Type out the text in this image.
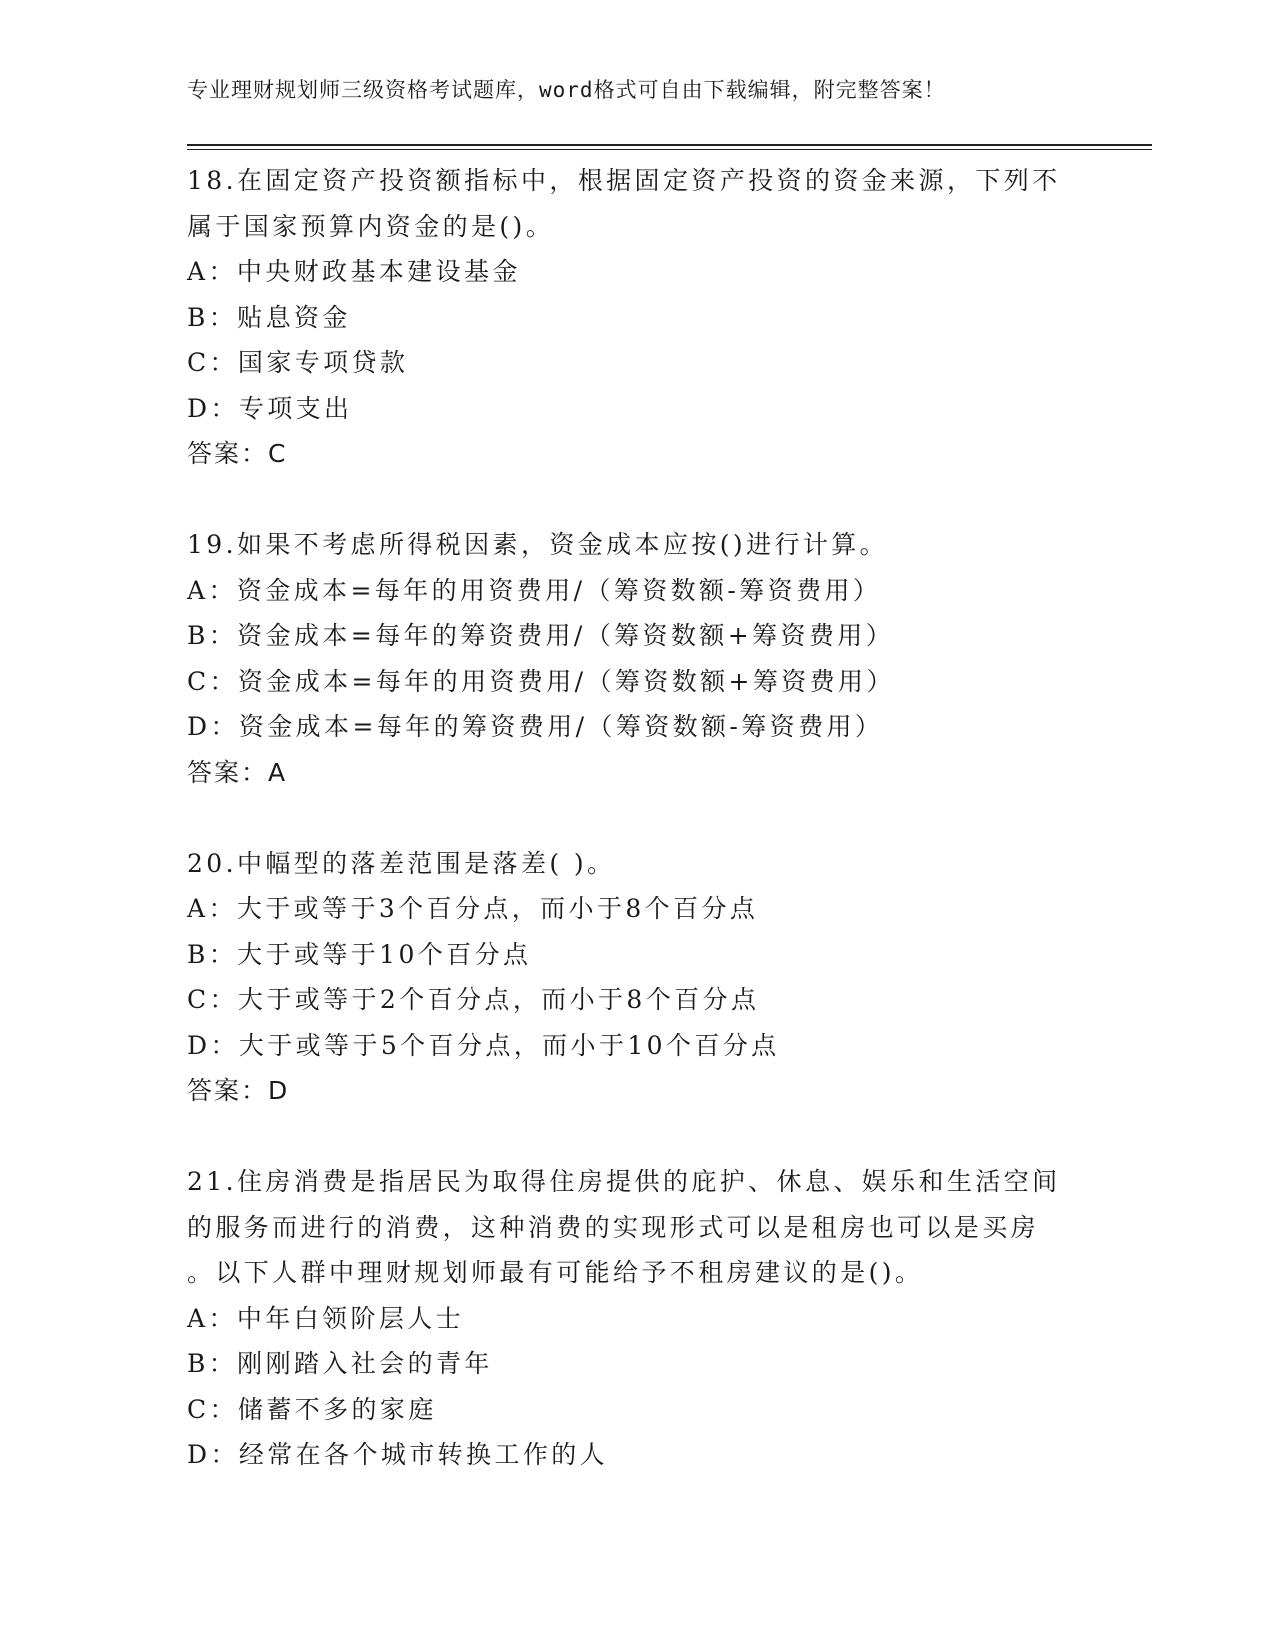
专业理财规划师三级资格考试题库，word格式可自由下载编辑，附完整答案！
18.在固定资产投资额指标中，根据固定资产投资的资金来源，下列不
属于国家预算内资金的是()。
A：中央财政基本建设基金
B：贴息资金
C：国家专项贷款
D：专项支出
答案：C
19.如果不考虑所得税因素，资金成本应按()进行计算。
A：资金成本=每年的用资费用/（筹资数额-筹资费用）
B：资金成本=每年的筹资费用/（筹资数额+筹资费用）
C：资金成本=每年的用资费用/（筹资数额+筹资费用）
D：资金成本=每年的筹资费用/（筹资数额-筹资费用）
答案：A
20.中幅型的落差范围是落差( )。
A：大于或等于3个百分点，而小于8个百分点
B：大于或等于10个百分点
C：大于或等于2个百分点，而小于8个百分点
D：大于或等于5个百分点，而小于10个百分点
答案：D
21.住房消费是指居民为取得住房提供的庇护、休息、娱乐和生活空间
的服务而进行的消费，这种消费的实现形式可以是租房也可以是买房
。以下人群中理财规划师最有可能给予不租房建议的是()。
A：中年白领阶层人士
B：刚刚踏入社会的青年
C：储蓄不多的家庭
D：经常在各个城市转换工作的人
